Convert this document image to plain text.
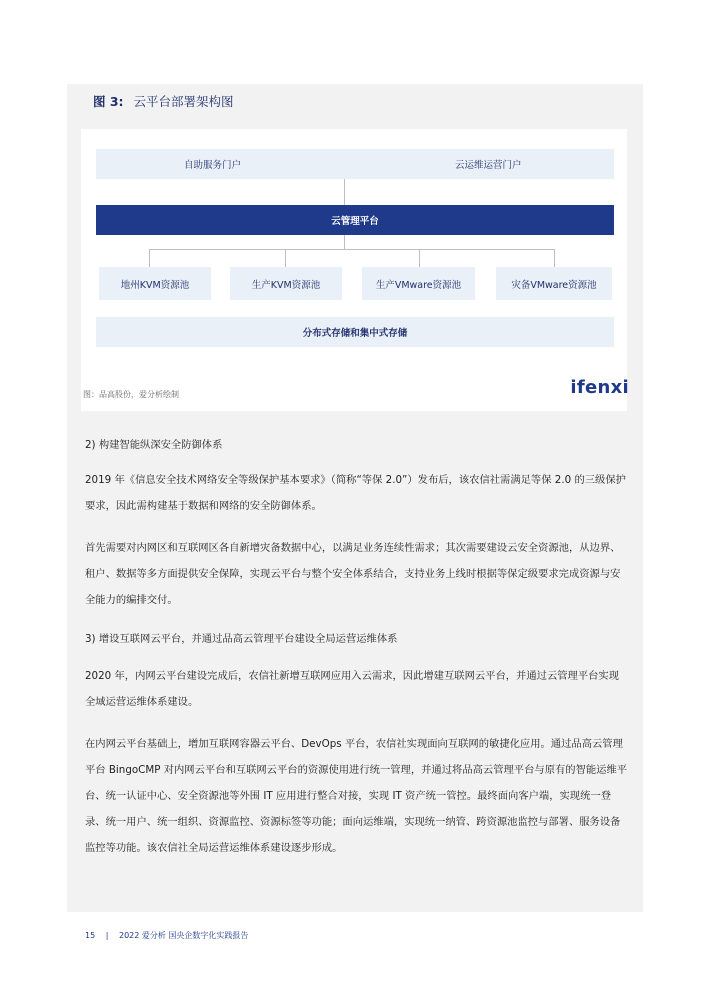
图 3: 云平台部署架构图
自助服务门户	云运维运营门户
云管理平台
地州KVM资源池	生产KVM资源池	生产VMware资源池	灾备VMware资源池
分布式存储和集中式存储
图：品高股份，爱分析绘制	ifenxi
2) 构建智能纵深安全防御体系
2019 年《信息安全技术网络安全等级保护基本要求》（简称“等保 2.0”）发布后，该农信社需满足等保 2.0 的三级保护要求，因此需构建基于数据和网络的安全防御体系。
首先需要对内网区和互联网区各自新增灾备数据中心，以满足业务连续性需求；其次需要建设云安全资源池，从边界、租户、数据等多方面提供安全保障，实现云平台与整个安全体系结合，支持业务上线时根据等保定级要求完成资源与安全能力的编排交付。
3) 增设互联网云平台，并通过品高云管理平台建设全局运营运维体系
2020 年，内网云平台建设完成后，农信社新增互联网应用入云需求，因此增建互联网云平台，并通过云管理平台实现全域运营运维体系建设。
在内网云平台基础上，增加互联网容器云平台、DevOps 平台，农信社实现面向互联网的敏捷化应用。通过品高云管理平台 BingoCMP 对内网云平台和互联网云平台的资源使用进行统一管理，并通过将品高云管理平台与原有的智能运维平台、统一认证中心、安全资源池等外围 IT 应用进行整合对接，实现 IT 资产统一管控。最终面向客户端，实现统一登录、统一用户、统一组织、资源监控、资源标签等功能；面向运维端，实现统一纳管、跨资源池监控与部署、服务设备监控等功能。该农信社全局运营运维体系建设逐步形成。
15 | 2022 爱分析 国央企数字化实践报告
